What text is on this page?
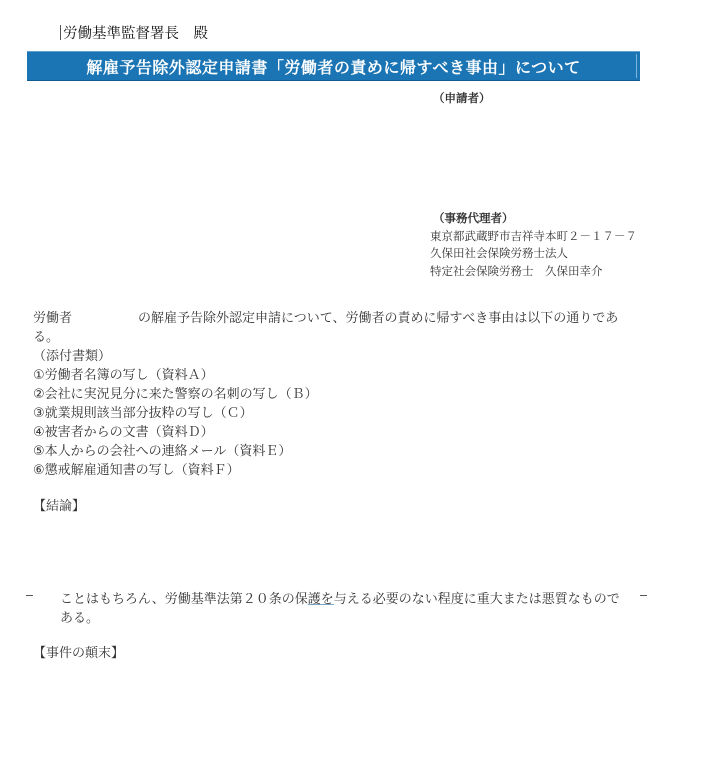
労働基準監督署長　殿
解雇予告除外認定申請書「労働者の責めに帰すべき事由」について
（申請者）
（事務代理者）
東京都武蔵野市吉祥寺本町２－１７－７
久保田社会保険労務士法人
特定社会保険労務士　久保田幸介
労働者	の解雇予告除外認定申請について、労働者の責めに帰すべき事由は以下の通りであ
る。
（添付書類）
①労働者名簿の写し（資料Ａ）
②会社に実況見分に来た警察の名刺の写し（Ｂ）
③就業規則該当部分抜粋の写し（Ｃ）
④被害者からの文書（資料Ｄ）
⑤本人からの会社への連絡メール（資料Ｅ）
⑥懲戒解雇通知書の写し（資料Ｆ）
【結論】
ことはもちろん、労働基準法第２０条の保護を与える必要のない程度に重大または悪質なもので
ある。
【事件の顛末】
